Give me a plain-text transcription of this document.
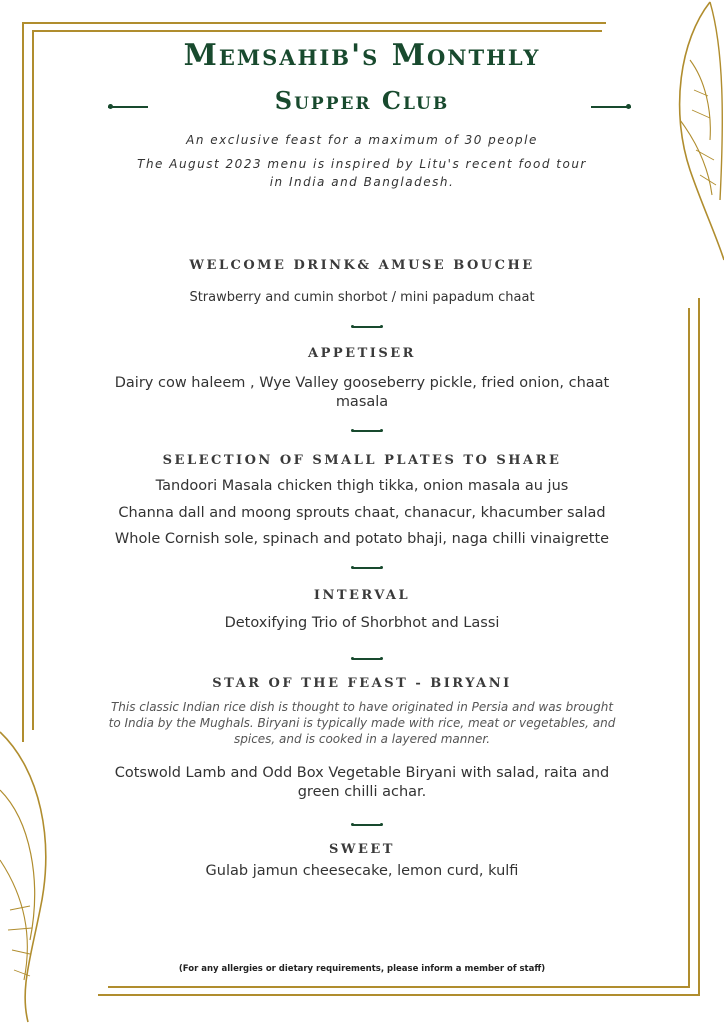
Memsahib's Monthly
Supper Club
An exclusive feast for a maximum of 30 people
The August 2023 menu is inspired by Litu's recent food tour
in India and Bangladesh.
WELCOME DRINK& AMUSE BOUCHE
Strawberry and cumin shorbot / mini papadum chaat
APPETISER
Dairy cow haleem , Wye Valley gooseberry pickle, fried onion, chaat
masala
SELECTION OF SMALL PLATES TO SHARE
Tandoori Masala chicken thigh tikka, onion masala au jus
Channa dall and moong sprouts chaat, chanacur, khacumber salad
Whole Cornish sole, spinach and potato bhaji, naga chilli vinaigrette
INTERVAL
Detoxifying Trio of Shorbhot and Lassi
STAR OF THE FEAST - BIRYANI
This classic Indian rice dish is thought to have originated in Persia and was brought
to India by the Mughals. Biryani is typically made with rice, meat or vegetables, and
spices, and is cooked in a layered manner.
Cotswold Lamb and Odd Box Vegetable Biryani with salad, raita and
green chilli achar.
SWEET
Gulab jamun cheesecake, lemon curd, kulfi
(For any allergies or dietary requirements, please inform a member of staff)
